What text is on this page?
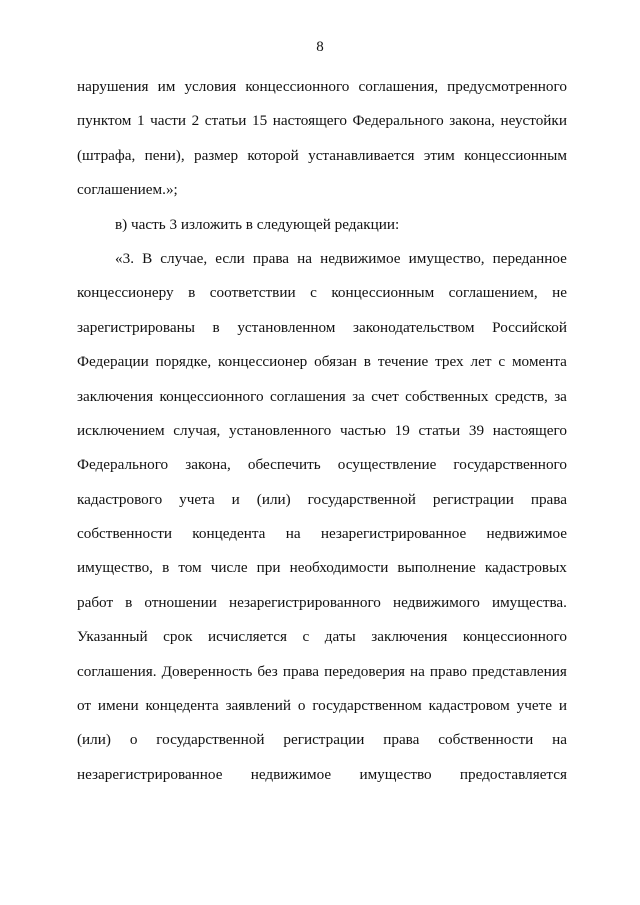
8
нарушения им условия концессионного соглашения, предусмотренного
пунктом 1 части 2 статьи 15 настоящего Федерального закона, неустойки
(штрафа, пени), размер которой устанавливается этим концессионным
соглашением.»;
в) часть 3 изложить в следующей редакции:
«3. В случае, если права на недвижимое имущество, переданное
концессионеру в соответствии с концессионным соглашением, не
зарегистрированы в установленном законодательством Российской
Федерации порядке, концессионер обязан в течение трех лет с момента
заключения концессионного соглашения за счет собственных средств, за
исключением случая, установленного частью 19 статьи 39 настоящего
Федерального закона, обеспечить осуществление государственного
кадастрового учета и (или) государственной регистрации права
собственности концедента на незарегистрированное недвижимое
имущество, в том числе при необходимости выполнение кадастровых
работ в отношении незарегистрированного недвижимого имущества.
Указанный срок исчисляется с даты заключения концессионного
соглашения. Доверенность без права передоверия на право представления
от имени концедента заявлений о государственном кадастровом учете и
(или) о государственной регистрации права собственности на
незарегистрированное недвижимое имущество предоставляется
